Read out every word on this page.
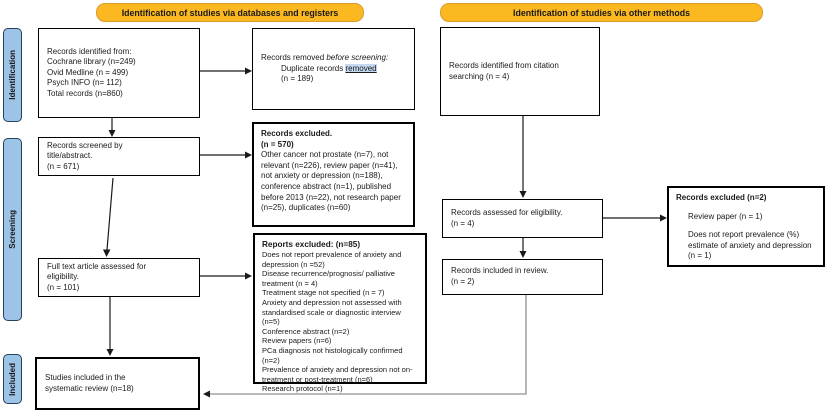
Identification of studies via databases and registers	Identification of studies via other methods
Identification
Screening
Included
Records identified from:
Cochrane library (n=249)
Ovid Medline (n = 499)
Psych INFO (n= 112)
Total records (n=860)
Records screened by
title/abstract.
(n = 671)
Full text article assessed for
eligibility.
(n = 101)
Studies included in the
systematic review (n=18)
Records removed before screening:
Duplicate records removed
(n = 189)
Records excluded.
(n = 570)
Other cancer not prostate (n=7), not relevant (n=226), review paper (n=41), not anxiety or depression (n=188), conference abstract (n=1), published before 2013 (n=22), not research paper (n=25), duplicates (n=60)
Reports excluded: (n=85)
Does not report prevalence of anxiety and depression (n =52)
Disease recurrence/prognosis/ palliative treatment (n = 4)
Treatment stage not specified (n = 7)
Anxiety and depression not assessed with standardised scale or diagnostic interview (n=5)
Conference abstract (n=2)
Review papers (n=6)
PCa diagnosis not histologically confirmed (n=2)
Prevalence of anxiety and depression not on-treatment or post-treatment (n=6)
Research protocol (n=1)
Records identified from citation
searching (n = 4)
Records assessed for eligibility.
(n = 4)
Records included in review.
(n = 2)
Records excluded (n=2)
Review paper (n = 1)
Does not report prevalence (%) estimate of anxiety and depression (n = 1)
